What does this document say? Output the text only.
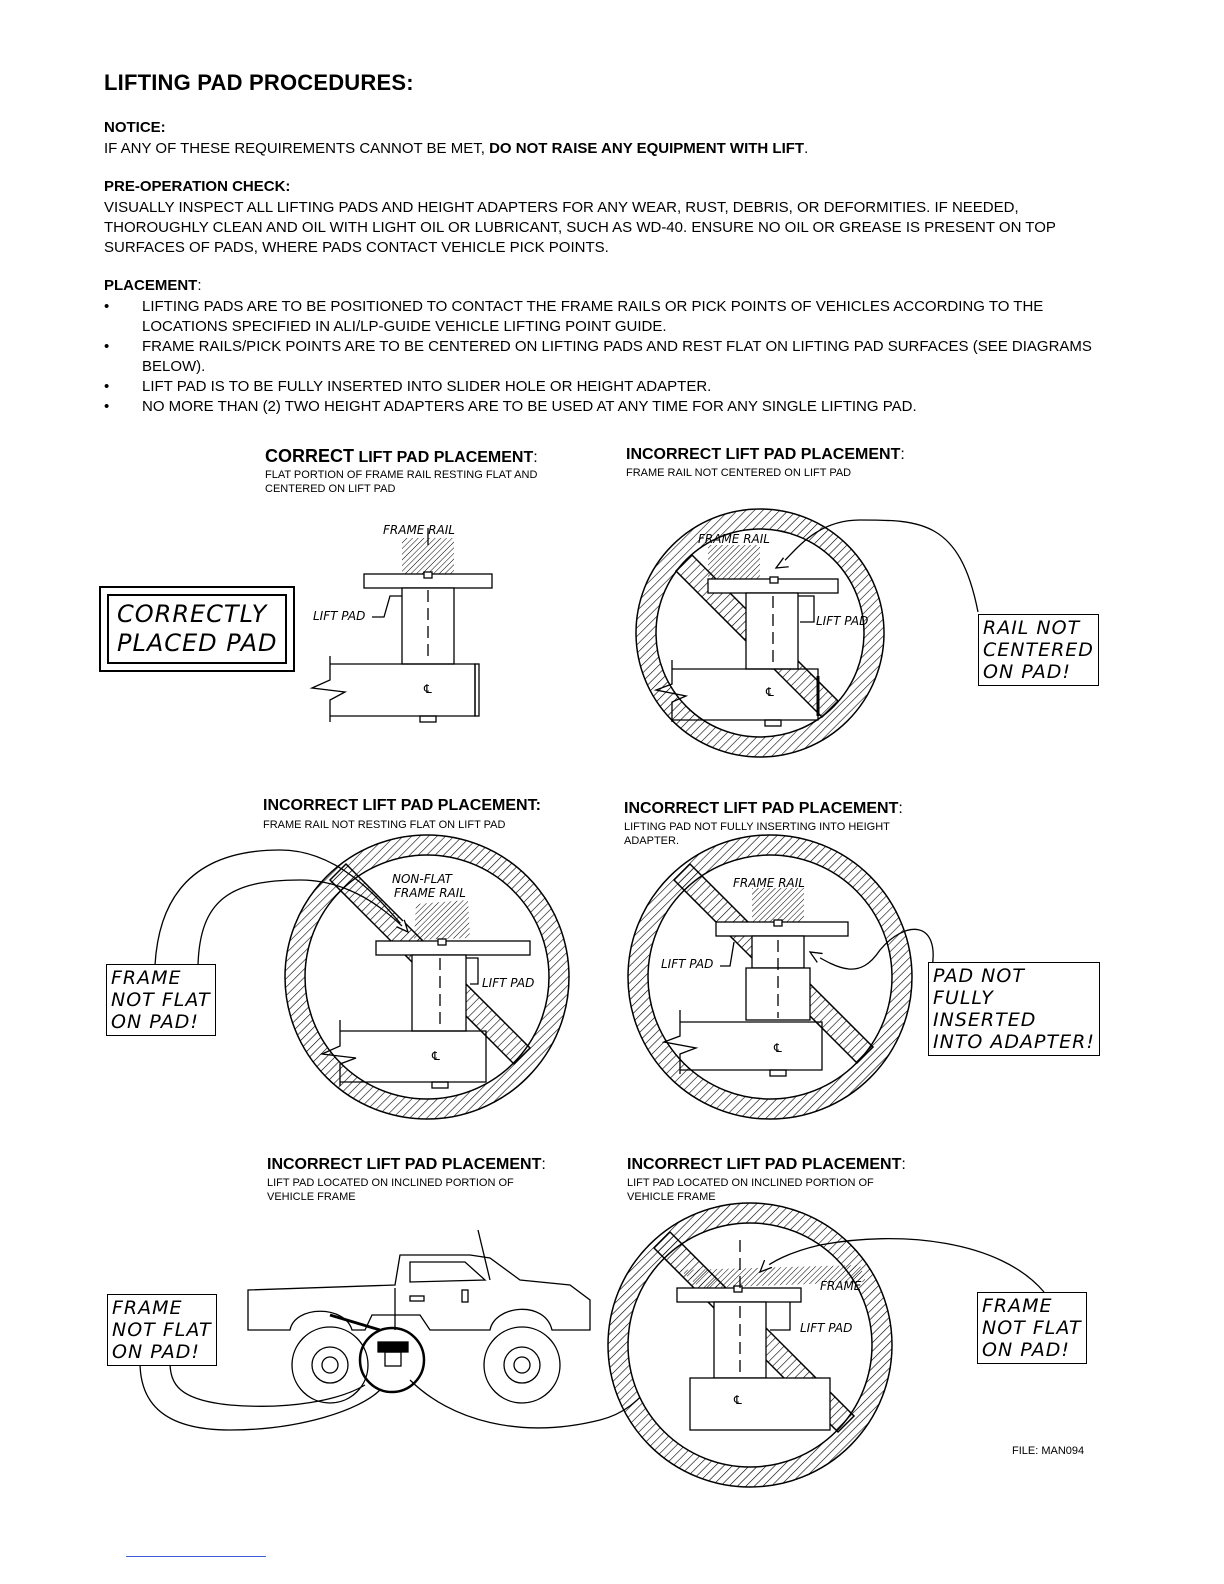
LIFTING PAD PROCEDURES:
NOTICE:
IF ANY OF THESE REQUIREMENTS CANNOT BE MET, DO NOT RAISE ANY EQUIPMENT WITH LIFT.
PRE-OPERATION CHECK:
VISUALLY INSPECT ALL LIFTING PADS AND HEIGHT ADAPTERS FOR ANY WEAR, RUST, DEBRIS, OR DEFORMITIES. IF NEEDED, THOROUGHLY CLEAN AND OIL WITH LIGHT OIL OR LUBRICANT, SUCH AS WD-40. ENSURE NO OIL OR GREASE IS PRESENT ON TOP SURFACES OF PADS, WHERE PADS CONTACT VEHICLE PICK POINTS.
PLACEMENT:
• LIFTING PADS ARE TO BE POSITIONED TO CONTACT THE FRAME RAILS OR PICK POINTS OF VEHICLES ACCORDING TO THE LOCATIONS SPECIFIED IN ALI/LP-GUIDE VEHICLE LIFTING POINT GUIDE.
• FRAME RAILS/PICK POINTS ARE TO BE CENTERED ON LIFTING PADS AND REST FLAT ON LIFTING PAD SURFACES (SEE DIAGRAMS BELOW).
• LIFT PAD IS TO BE FULLY INSERTED INTO SLIDER HOLE OR HEIGHT ADAPTER.
• NO MORE THAN (2) TWO HEIGHT ADAPTERS ARE TO BE USED AT ANY TIME FOR ANY SINGLE LIFTING PAD.
CORRECT LIFT PAD PLACEMENT:
FLAT PORTION OF FRAME RAIL RESTING FLAT AND CENTERED ON LIFT PAD
INCORRECT LIFT PAD PLACEMENT:
FRAME RAIL NOT CENTERED ON LIFT PAD
INCORRECT LIFT PAD PLACEMENT:
FRAME RAIL NOT RESTING FLAT ON LIFT PAD
INCORRECT LIFT PAD PLACEMENT:
LIFTING PAD NOT FULLY INSERTING INTO HEIGHT ADAPTER.
INCORRECT LIFT PAD PLACEMENT:
LIFT PAD LOCATED ON INCLINED PORTION OF VEHICLE FRAME
INCORRECT LIFT PAD PLACEMENT:
LIFT PAD LOCATED ON INCLINED PORTION OF VEHICLE FRAME
℄
FRAME RAIL
LIFT PAD
℄
FRAME RAIL
LIFT PAD
℄
NON-FLAT
FRAME RAIL
LIFT PAD
℄
FRAME RAIL
LIFT PAD
℄
FRAME
LIFT PAD
CORRECTLY
PLACED PAD
RAIL NOT
CENTERED
ON PAD!
FRAME
NOT FLAT
ON PAD!
PAD NOT
FULLY
INSERTED
INTO ADAPTER!
FRAME
NOT FLAT
ON PAD!
FRAME
NOT FLAT
ON PAD!
FILE: MAN094
